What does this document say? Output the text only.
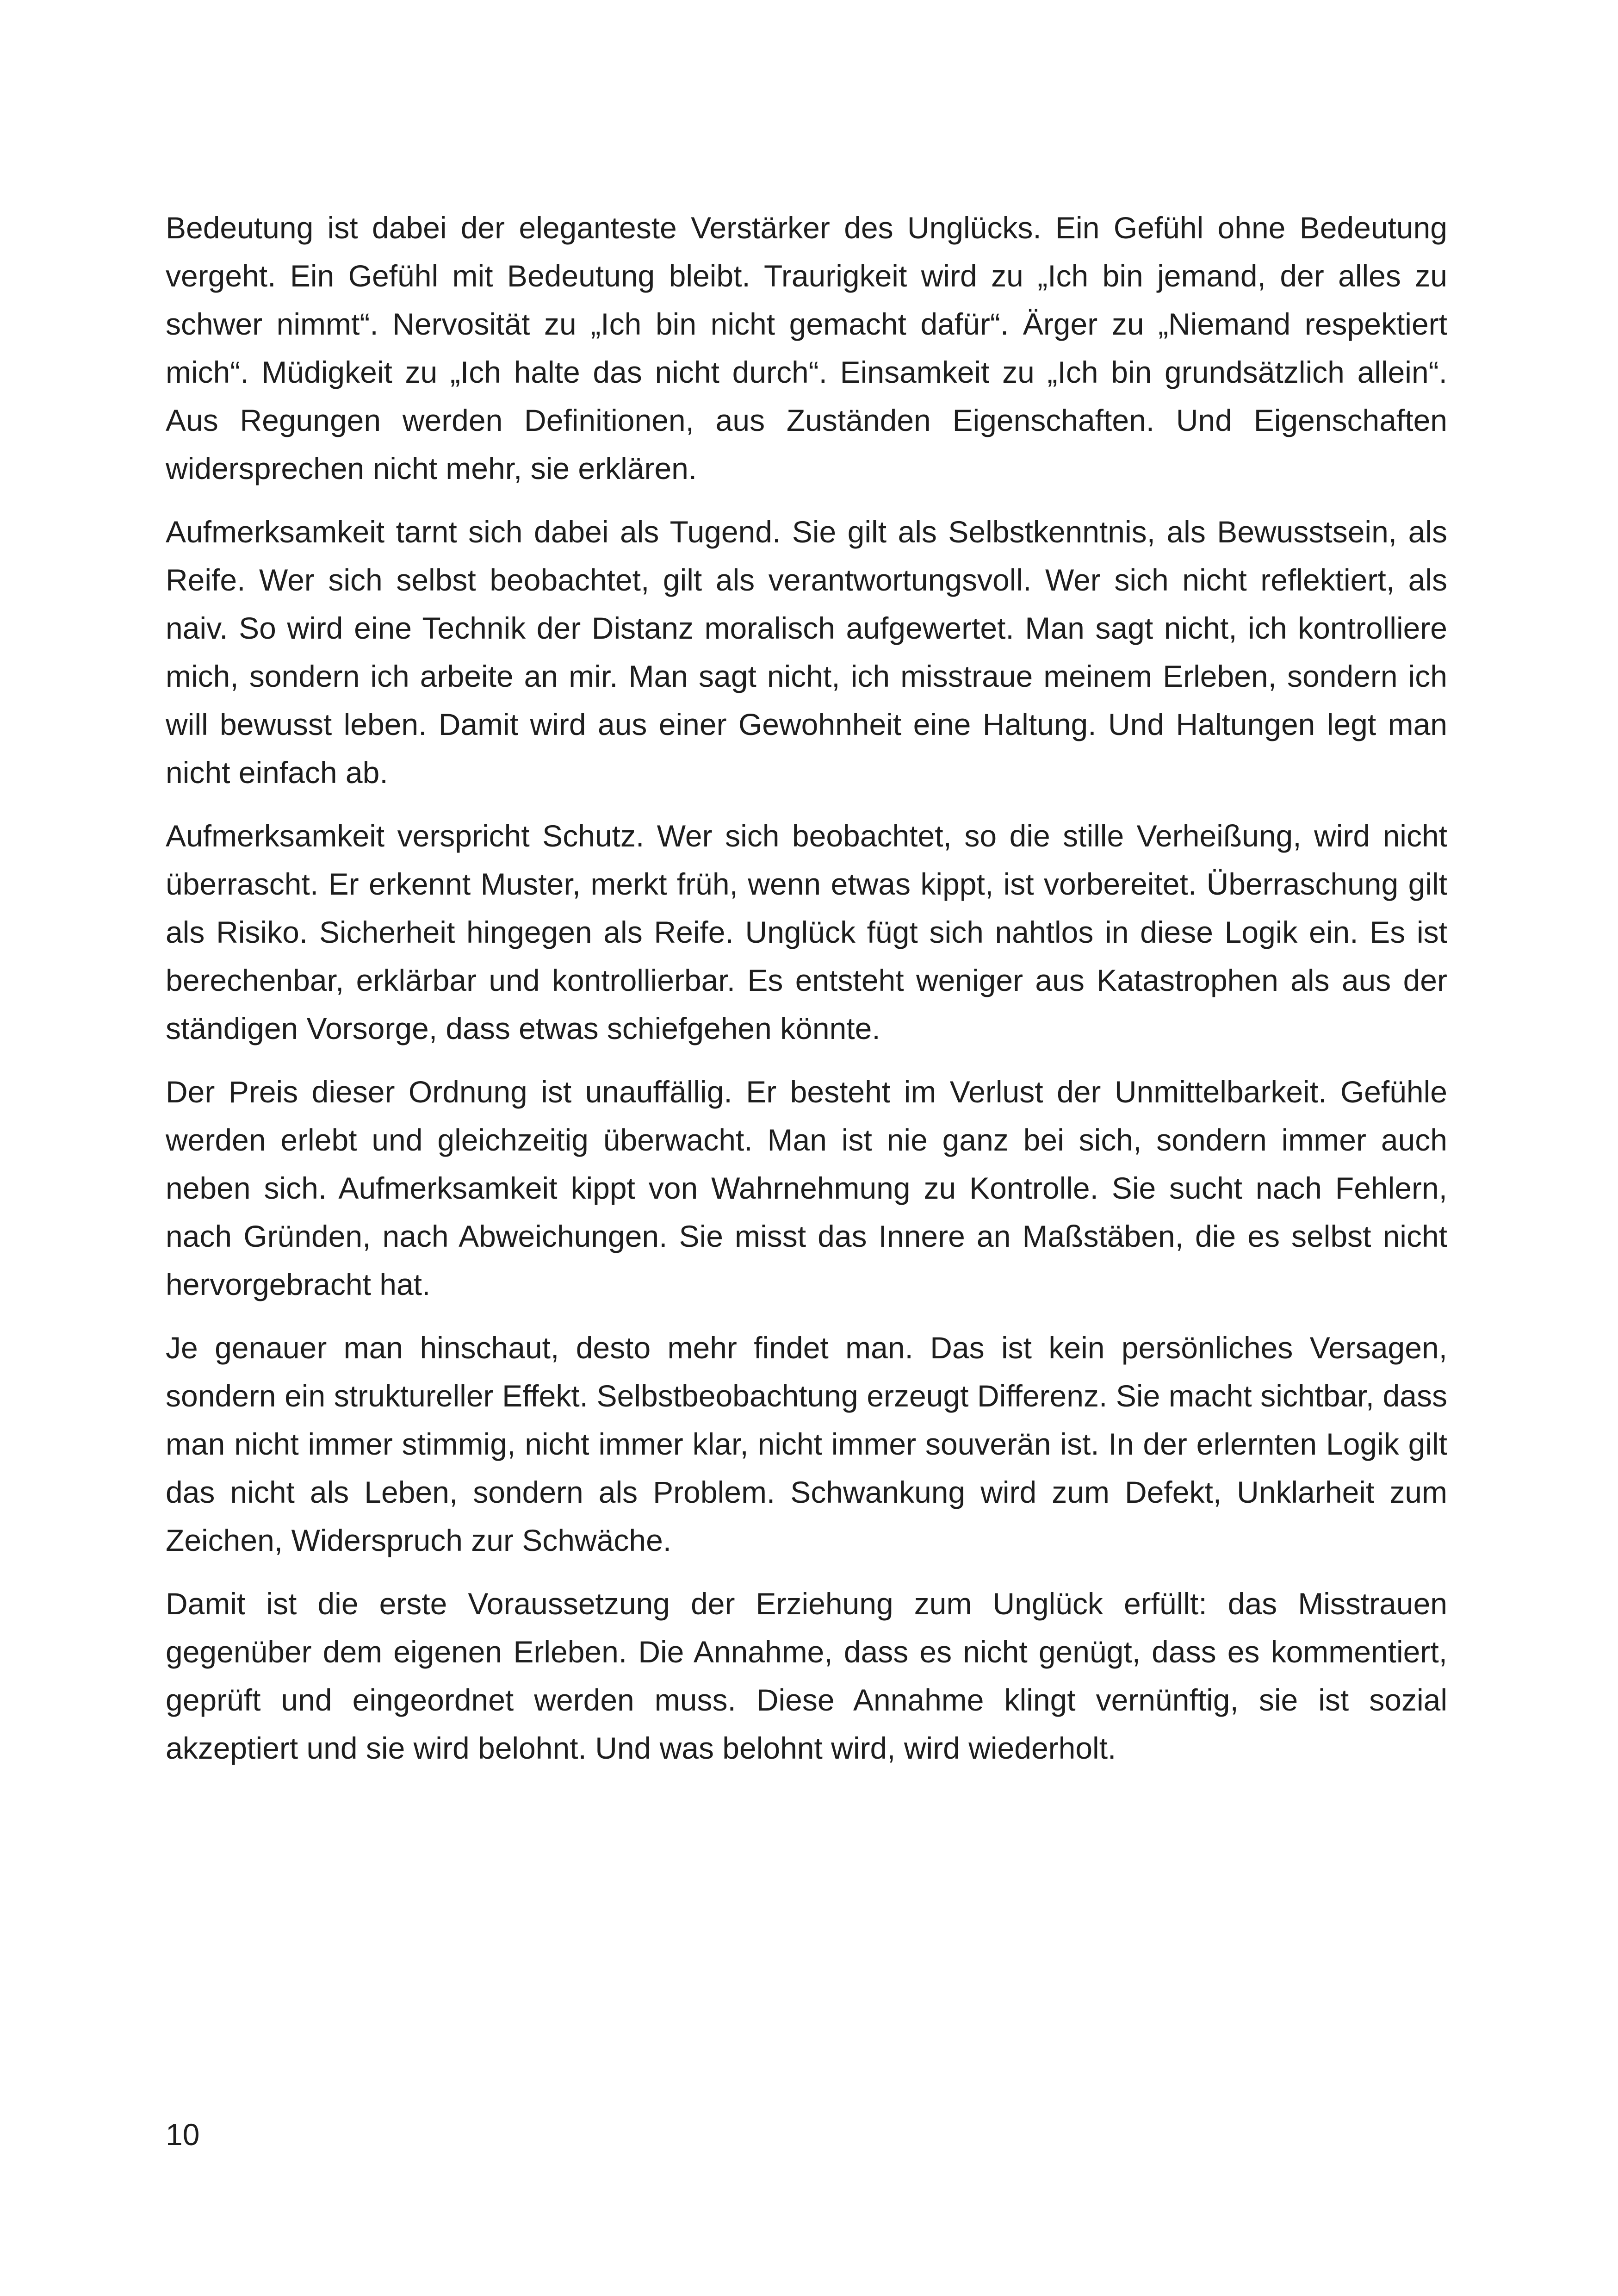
Bedeutung ist dabei der eleganteste Verstärker des Unglücks. Ein Gefühl ohne Bedeutung vergeht. Ein Gefühl mit Bedeutung bleibt. Traurigkeit wird zu „Ich bin jemand, der alles zu schwer nimmt“. Nervosität zu „Ich bin nicht gemacht dafür“. Ärger zu „Niemand respektiert mich“. Müdigkeit zu „Ich halte das nicht durch“. Einsamkeit zu „Ich bin grundsätzlich allein“. Aus Regungen werden Definitionen, aus Zuständen Eigenschaften. Und Eigenschaften widersprechen nicht mehr, sie erklären.

Aufmerksamkeit tarnt sich dabei als Tugend. Sie gilt als Selbstkenntnis, als Bewusstsein, als Reife. Wer sich selbst beobachtet, gilt als verantwortungsvoll. Wer sich nicht reflektiert, als naiv. So wird eine Technik der Distanz moralisch aufgewertet. Man sagt nicht, ich kontrolliere mich, sondern ich arbeite an mir. Man sagt nicht, ich misstraue meinem Erleben, sondern ich will bewusst leben. Damit wird aus einer Gewohnheit eine Haltung. Und Haltungen legt man nicht einfach ab.

Aufmerksamkeit verspricht Schutz. Wer sich beobachtet, so die stille Verheißung, wird nicht überrascht. Er erkennt Muster, merkt früh, wenn etwas kippt, ist vorbereitet. Überraschung gilt als Risiko. Sicherheit hingegen als Reife. Unglück fügt sich nahtlos in diese Logik ein. Es ist berechenbar, erklärbar und kontrollierbar. Es entsteht weniger aus Katastrophen als aus der ständigen Vorsorge, dass etwas schiefgehen könnte.

Der Preis dieser Ordnung ist unauffällig. Er besteht im Verlust der Unmittelbarkeit. Gefühle werden erlebt und gleichzeitig überwacht. Man ist nie ganz bei sich, sondern immer auch neben sich. Aufmerksamkeit kippt von Wahrnehmung zu Kontrolle. Sie sucht nach Fehlern, nach Gründen, nach Abweichungen. Sie misst das Innere an Maßstäben, die es selbst nicht hervorgebracht hat.

Je genauer man hinschaut, desto mehr findet man. Das ist kein persönliches Versagen, sondern ein struktureller Effekt. Selbstbeobachtung erzeugt Differenz. Sie macht sichtbar, dass man nicht immer stimmig, nicht immer klar, nicht immer souverän ist. In der erlernten Logik gilt das nicht als Leben, sondern als Problem. Schwankung wird zum Defekt, Unklarheit zum Zeichen, Widerspruch zur Schwäche.

Damit ist die erste Voraussetzung der Erziehung zum Unglück erfüllt: das Misstrauen gegenüber dem eigenen Erleben. Die Annahme, dass es nicht genügt, dass es kommentiert, geprüft und eingeordnet werden muss. Diese Annahme klingt vernünftig, sie ist sozial akzeptiert und sie wird belohnt. Und was belohnt wird, wird wiederholt.

10
